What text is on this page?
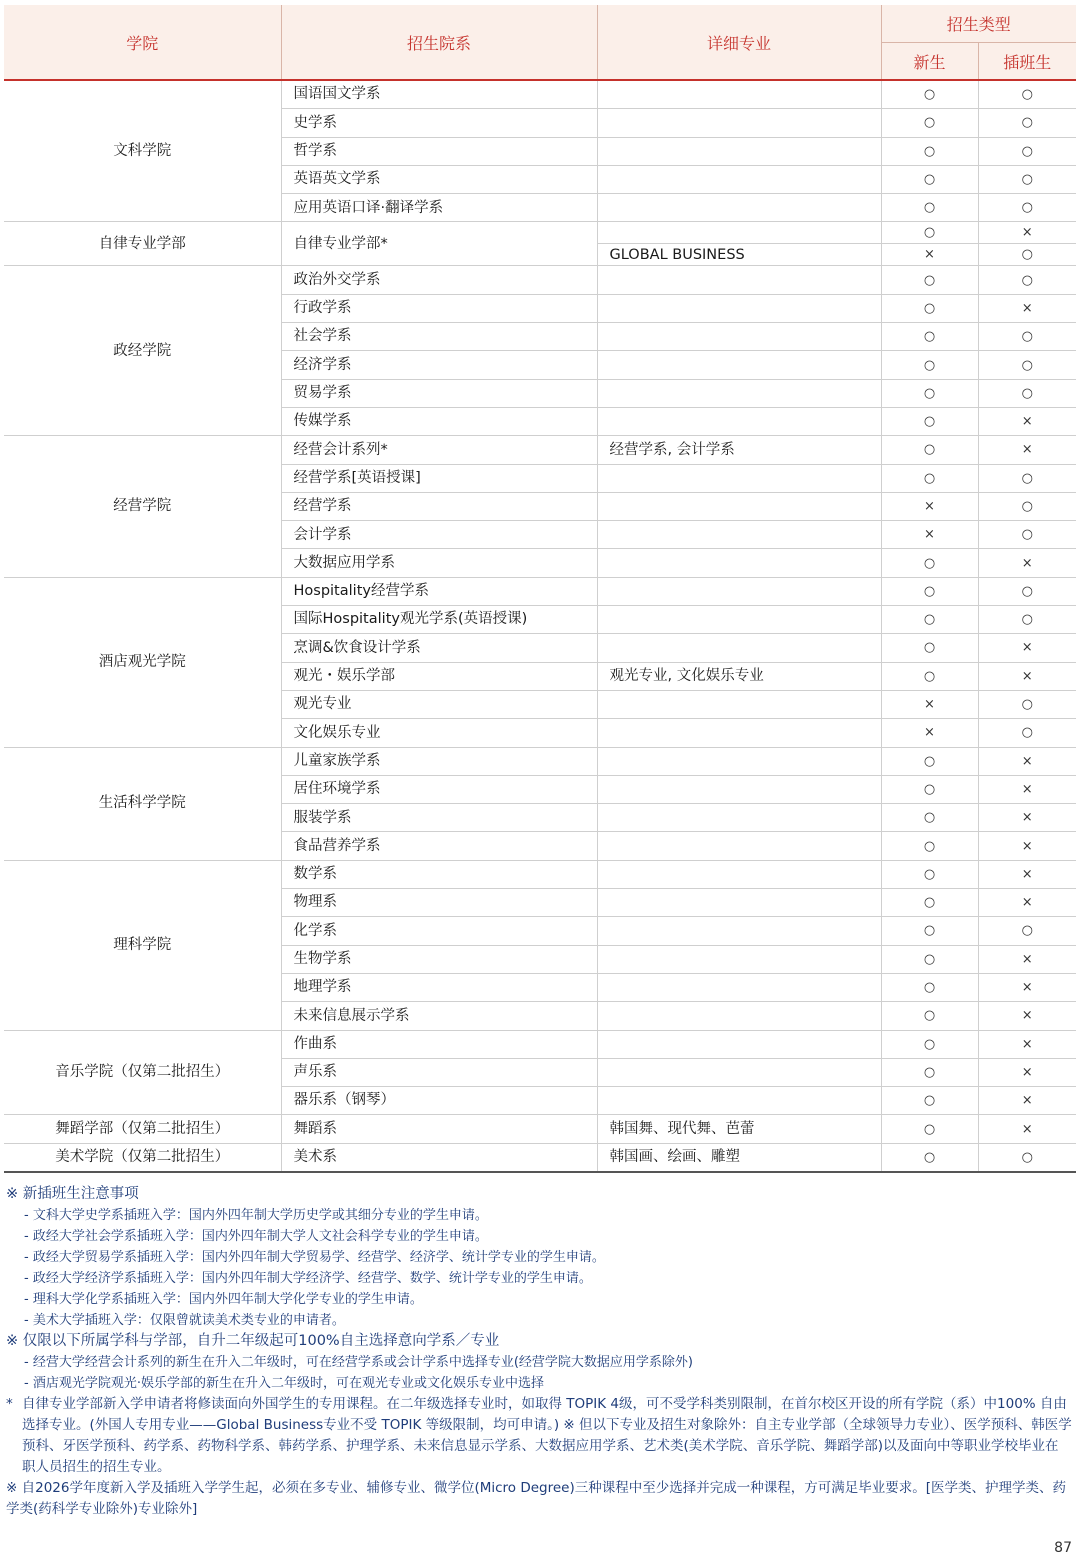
学院	招生院系	详细专业	招生类型	
			新生	插班生
文科学院	国语国文学系		○	○
	史学系		○	○
	哲学系		○	○
	英语英文学系		○	○
	应用英语口译·翻译学系		○	○
自律专业学部	自律专业学部*		○	×
		GLOBAL BUSINESS	×	○
政经学院	政治外交学系		○	○
	行政学系		○	×
	社会学系		○	○
	经济学系		○	○
	贸易学系		○	○
	传媒学系		○	×
经营学院	经营会计系列*	经营学系, 会计学系	○	×
	经营学系[英语授课]		○	○
	经营学系		×	○
	会计学系		×	○
	大数据应用学系		○	×
酒店观光学院	Hospitality经营学系		○	○
	国际Hospitality观光学系(英语授课)		○	○
	烹调&饮食设计学系		○	×
	观光・娱乐学部	观光专业, 文化娱乐专业	○	×
	观光专业		×	○
	文化娱乐专业		×	○
生活科学学院	儿童家族学系		○	×
	居住环境学系		○	×
	服装学系		○	×
	食品营养学系		○	×
理科学院	数学系		○	×
	物理系		○	×
	化学系		○	○
	生物学系		○	×
	地理学系		○	×
	未来信息展示学系		○	×
音乐学院（仅第二批招生）	作曲系		○	×
	声乐系		○	×
	器乐系（钢琴）		○	×
舞蹈学部（仅第二批招生）	舞蹈系	韩国舞、现代舞、芭蕾	○	×
美术学院（仅第二批招生）	美术系	韩国画、绘画、雕塑	○	○
※ 新插班生注意事项
- 文科大学史学系插班入学：国内外四年制大学历史学或其细分专业的学生申请。
- 政经大学社会学系插班入学：国内外四年制大学人文社会科学专业的学生申请。
- 政经大学贸易学系插班入学：国内外四年制大学贸易学、经营学、经济学、统计学专业的学生申请。
- 政经大学经济学系插班入学：国内外四年制大学经济学、经营学、数学、统计学专业的学生申请。
- 理科大学化学系插班入学：国内外四年制大学化学专业的学生申请。
- 美术大学插班入学：仅限曾就读美术类专业的申请者。
※ 仅限以下所属学科与学部，自升二年级起可100%自主选择意向学系／专业
- 经营大学经营会计系列的新生在升入二年级时，可在经营学系或会计学系中选择专业(经营学院大数据应用学系除外)
- 酒店观光学院观光·娱乐学部的新生在升入二年级时，可在观光专业或文化娱乐专业中选择
* 自律专业学部新入学申请者将修读面向外国学生的专用课程。在二年级选择专业时，如取得 TOPIK 4级，可不受学科类别限制，在首尔校区开设的所有学院（系）中100% 自由选择专业。(外国人专用专业——Global Business专业不受 TOPIK 等级限制，均可申请。) ※ 但以下专业及招生对象除外：自主专业学部（全球领导力专业）、医学预科、韩医学预科、牙医学预科、药学系、药物科学系、韩药学系、护理学系、未来信息显示学系、大数据应用学系、艺术类(美术学院、音乐学院、舞蹈学部)以及面向中等职业学校毕业在职人员招生的招生专业。
※ 自2026学年度新入学及插班入学学生起，必须在多专业、辅修专业、微学位(Micro Degree)三种课程中至少选择并完成一种课程，方可满足毕业要求。[医学类、护理学类、药学类(药科学专业除外)专业除外]
87
